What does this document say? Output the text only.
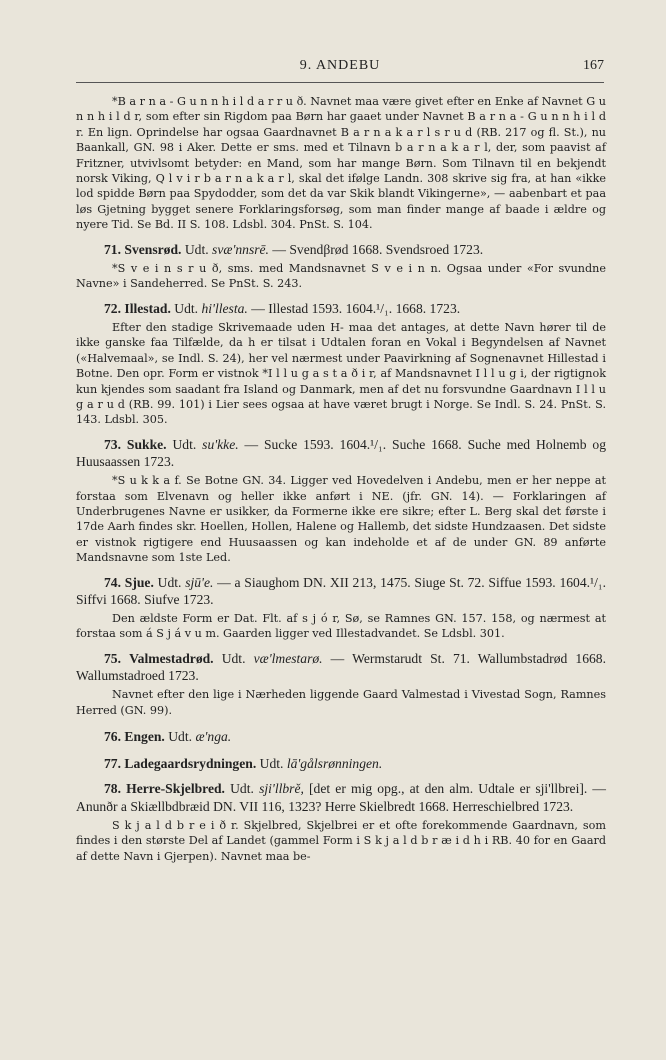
9. ANDEBU	167

*B a r n a - G u n n h i l d a r r u ð. Navnet maa være givet efter en Enke af Navnet G u n n h i l d r, som efter sin Rigdom paa Børn har gaaet under Navnet B a r n a - G u n n h i l d r. En lign. Oprindelse har ogsaa Gaardnavnet B a r n a k a r l s r u d (RB. 217 og fl. St.), nu Baankall, GN. 98 i Aker. Dette er sms. med et Tilnavn b a r n a k a r l, der, som paavist af Fritzner, utvivlsomt betyder: en Mand, som har mange Børn. Som Tilnavn til en bekjendt norsk Viking, Q l v i r b a r n a k a r l, skal det ifølge Landn. 308 skrive sig fra, at han «ikke lod spidde Børn paa Spydodder, som det da var Skik blandt Vikingerne», — aabenbart et paa løs Gjetning bygget senere Forklaringsforsøg, som man finder mange af baade i ældre og nyere Tid. Se Bd. II S. 108. Ldsbl. 304. PnSt. S. 104.

71. Svensrød. Udt. svæ'nnsrē. — Svendβrød 1668. Svendsroed 1723.

*S v e i n s r u ð, sms. med Mandsnavnet S v e i n n. Ogsaa under «For svundne Navne» i Sandeherred. Se PnSt. S. 243.

72. Illestad. Udt. hi'llesta. — Illestad 1593. 1604.¹/₁. 1668. 1723.

Efter den stadige Skrivemaade uden H- maa det antages, at dette Navn hører til de ikke ganske faa Tilfælde, da h er tilsat i Udtalen foran en Vokal i Begyndelsen af Navnet («Halvemaal», se Indl. S. 24), her vel nærmest under Paavirkning af Sognenavnet Hillestad i Botne. Den opr. Form er vistnok *I l l u g a s t a ð i r, af Mandsnavnet I l l u g i, der rigtignok kun kjendes som saadant fra Island og Danmark, men af det nu forsvundne Gaardnavn I l l u g a r u d (RB. 99. 101) i Lier sees ogsaa at have været brugt i Norge. Se Indl. S. 24. PnSt. S. 143. Ldsbl. 305.

73. Sukke. Udt. su'kke. — Sucke 1593. 1604.¹/₁. Suche 1668. Suche med Holnemb og Huusaassen 1723.

*S u k k a f. Se Botne GN. 34. Ligger ved Hovedelven i Andebu, men er her neppe at forstaa som Elvenavn og heller ikke anført i NE. (jfr. GN. 14). — Forklaringen af Underbrugenes Navne er usikker, da Formerne ikke ere sikre; efter L. Berg skal det første i 17de Aarh findes skr. Hoellen, Hollen, Halene og Hallemb, det sidste Hundzaasen. Det sidste er vistnok rigtigere end Huusaassen og kan indeholde et af de under GN. 89 anførte Mandsnavne som 1ste Led.

74. Sjue. Udt. sjū'e. — a Siaughom DN. XII 213, 1475. Siuge St. 72. Siffue 1593. 1604.¹/₁. Siffvi 1668. Siufve 1723.

Den ældste Form er Dat. Flt. af s j ó r, Sø, se Ramnes GN. 157. 158, og nærmest at forstaa som á S j á v u m. Gaarden ligger ved Illestadvandet. Se Ldsbl. 301.

75. Valmestadrød. Udt. væ'lmestarø. — Wermstarudt St. 71. Wallumbstadrød 1668. Wallumstadroed 1723.

Navnet efter den lige i Nærheden liggende Gaard Valmestad i Vivestad Sogn, Ramnes Herred (GN. 99).

76. Engen. Udt. æ'nga.

77. Ladegaardsrydningen. Udt. lā'gålsrønningen.

78. Herre-Skjelbred. Udt. sji'llbrĕ, [det er mig opg., at den alm. Udtale er sji'llbrei]. — Anunðr a Skiællbdbræid DN. VII 116, 1323? Herre Skielbredt 1668. Herreschielbred 1723.

S k j a l d b r e i ð r. Skjelbred, Skjelbrei er et ofte forekommende Gaardnavn, som findes i den største Del af Landet (gammel Form i S k j a l d b r æ i d h i RB. 40 for en Gaard af dette Navn i Gjerpen). Navnet maa be-
